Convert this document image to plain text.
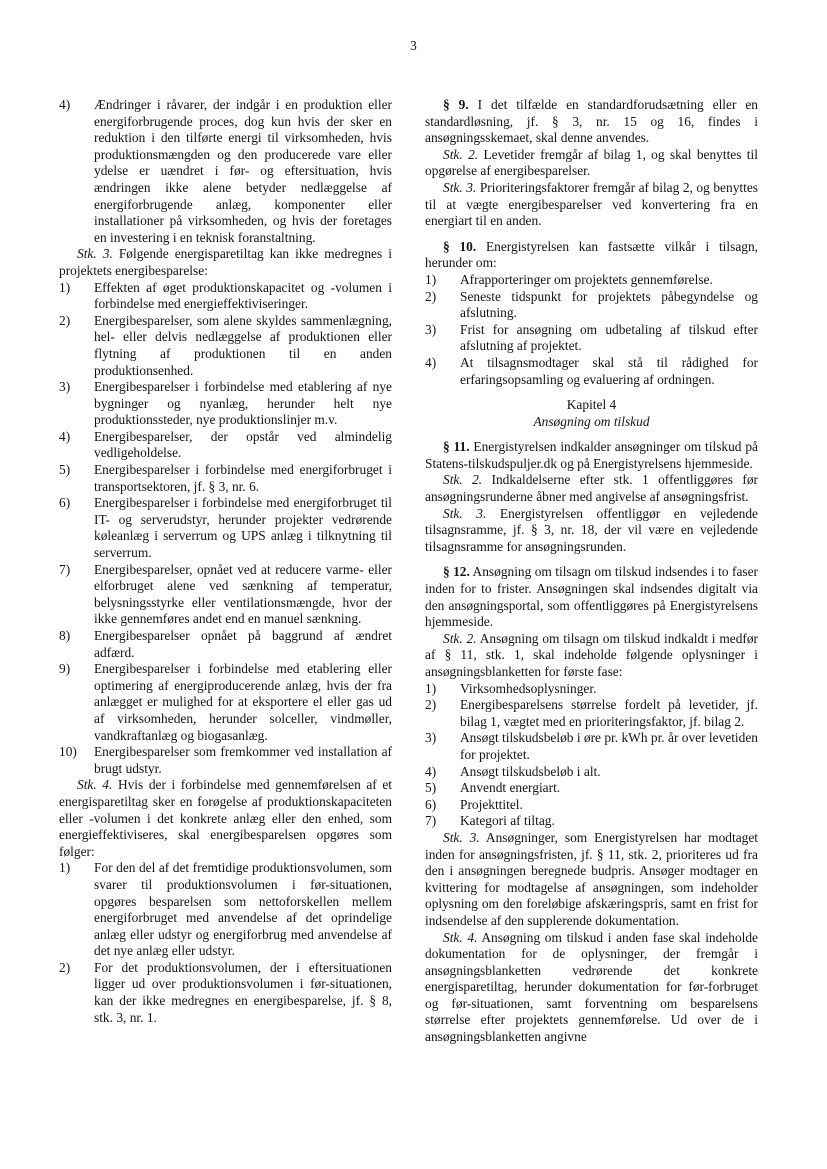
3
4)	Ændringer i råvarer, der indgår i en produktion eller energiforbrugende proces, dog kun hvis der sker en reduktion i den tilførte energi til virksomheden, hvis produktionsmængden og den producerede vare eller ydelse er uændret i før- og eftersituation, hvis ændringen ikke alene betyder nedlæggelse af energiforbrugende anlæg, komponenter eller installationer på virksomheden, og hvis der foretages en investering i en teknisk foranstaltning.

Stk. 3. Følgende energisparetiltag kan ikke medregnes i projektets energibesparelse:

1)	Effekten af øget produktionskapacitet og -volumen i forbindelse med energieffektiviseringer.
2)	Energibesparelser, som alene skyldes sammenlægning, hel- eller delvis nedlæggelse af produktionen eller flytning af produktionen til en anden produktionsenhed.
3)	Energibesparelser i forbindelse med etablering af nye bygninger og nyanlæg, herunder helt nye produktionssteder, nye produktionslinjer m.v.
4)	Energibesparelser, der opstår ved almindelig vedligeholdelse.
5)	Energibesparelser i forbindelse med energiforbruget i transportsektoren, jf. § 3, nr. 6.
6)	Energibesparelser i forbindelse med energiforbruget til IT- og serverudstyr, herunder projekter vedrørende køleanlæg i serverrum og UPS anlæg i tilknytning til serverrum.
7)	Energibesparelser, opnået ved at reducere varme- eller elforbruget alene ved sænkning af temperatur, belysningsstyrke eller ventilationsmængde, hvor der ikke gennemføres andet end en manuel sænkning.
8)	Energibesparelser opnået på baggrund af ændret adfærd.
9)	Energibesparelser i forbindelse med etablering eller optimering af energiproducerende anlæg, hvis der fra anlægget er mulighed for at eksportere el eller gas ud af virksomheden, herunder solceller, vindmøller, vandkraftanlæg og biogasanlæg.
10)	Energibesparelser som fremkommer ved installation af brugt udstyr.

Stk. 4. Hvis der i forbindelse med gennemførelsen af et energisparetiltag sker en forøgelse af produktionskapaciteten eller -volumen i det konkrete anlæg eller den enhed, som energieffektiviseres, skal energibesparelsen opgøres som følger:

1)	For den del af det fremtidige produktionsvolumen, som svarer til produktionsvolumen i før-situationen, opgøres besparelsen som nettoforskellen mellem energiforbruget med anvendelse af det oprindelige anlæg eller udstyr og energiforbrug med anvendelse af det nye anlæg eller udstyr.
2)	For det produktionsvolumen, der i eftersituationen ligger ud over produktionsvolumen i før-situationen, kan der ikke medregnes en energibesparelse, jf. § 8, stk. 3, nr. 1.

§ 9. I det tilfælde en standardforudsætning eller en standardløsning, jf. § 3, nr. 15 og 16, findes i ansøgningsskemaet, skal denne anvendes.

Stk. 2. Levetider fremgår af bilag 1, og skal benyttes til opgørelse af energibesparelser.

Stk. 3. Prioriteringsfaktorer fremgår af bilag 2, og benyttes til at vægte energibesparelser ved konvertering fra en energiart til en anden.

§ 10. Energistyrelsen kan fastsætte vilkår i tilsagn, herunder om:

1)	Afrapporteringer om projektets gennemførelse.
2)	Seneste tidspunkt for projektets påbegyndelse og afslutning.
3)	Frist for ansøgning om udbetaling af tilskud efter afslutning af projektet.
4)	At tilsagnsmodtager skal stå til rådighed for erfaringsopsamling og evaluering af ordningen.

Kapitel 4

Ansøgning om tilskud

§ 11. Energistyrelsen indkalder ansøgninger om tilskud på Statens-tilskudspuljer.dk og på Energistyrelsens hjemmeside.

Stk. 2. Indkaldelserne efter stk. 1 offentliggøres før ansøgningsrunderne åbner med angivelse af ansøgningsfrist.

Stk. 3. Energistyrelsen offentliggør en vejledende tilsagnsramme, jf. § 3, nr. 18, der vil være en vejledende tilsagnsramme for ansøgningsrunden.

§ 12. Ansøgning om tilsagn om tilskud indsendes i to faser inden for to frister. Ansøgningen skal indsendes digitalt via den ansøgningsportal, som offentliggøres på Energistyrelsens hjemmeside.

Stk. 2. Ansøgning om tilsagn om tilskud indkaldt i medfør af § 11, stk. 1, skal indeholde følgende oplysninger i ansøgningsblanketten for første fase:

1)	Virksomhedsoplysninger.
2)	Energibesparelsens størrelse fordelt på levetider, jf. bilag 1, vægtet med en prioriteringsfaktor, jf. bilag 2.
3)	Ansøgt tilskudsbeløb i øre pr. kWh pr. år over levetiden for projektet.
4)	Ansøgt tilskudsbeløb i alt.
5)	Anvendt energiart.
6)	Projekttitel.
7)	Kategori af tiltag.

Stk. 3. Ansøgninger, som Energistyrelsen har modtaget inden for ansøgningsfristen, jf. § 11, stk. 2, prioriteres ud fra den i ansøgningen beregnede budpris. Ansøger modtager en kvittering for modtagelse af ansøgningen, som indeholder oplysning om den foreløbige afskæringspris, samt en frist for indsendelse af den supplerende dokumentation.

Stk. 4. Ansøgning om tilskud i anden fase skal indeholde dokumentation for de oplysninger, der fremgår i ansøgningsblanketten vedrørende det konkrete energisparetiltag, herunder dokumentation for før-forbruget og før-situationen, samt forventning om besparelsens størrelse efter projektets gennemførelse. Ud over de i ansøgningsblanketten angivne
